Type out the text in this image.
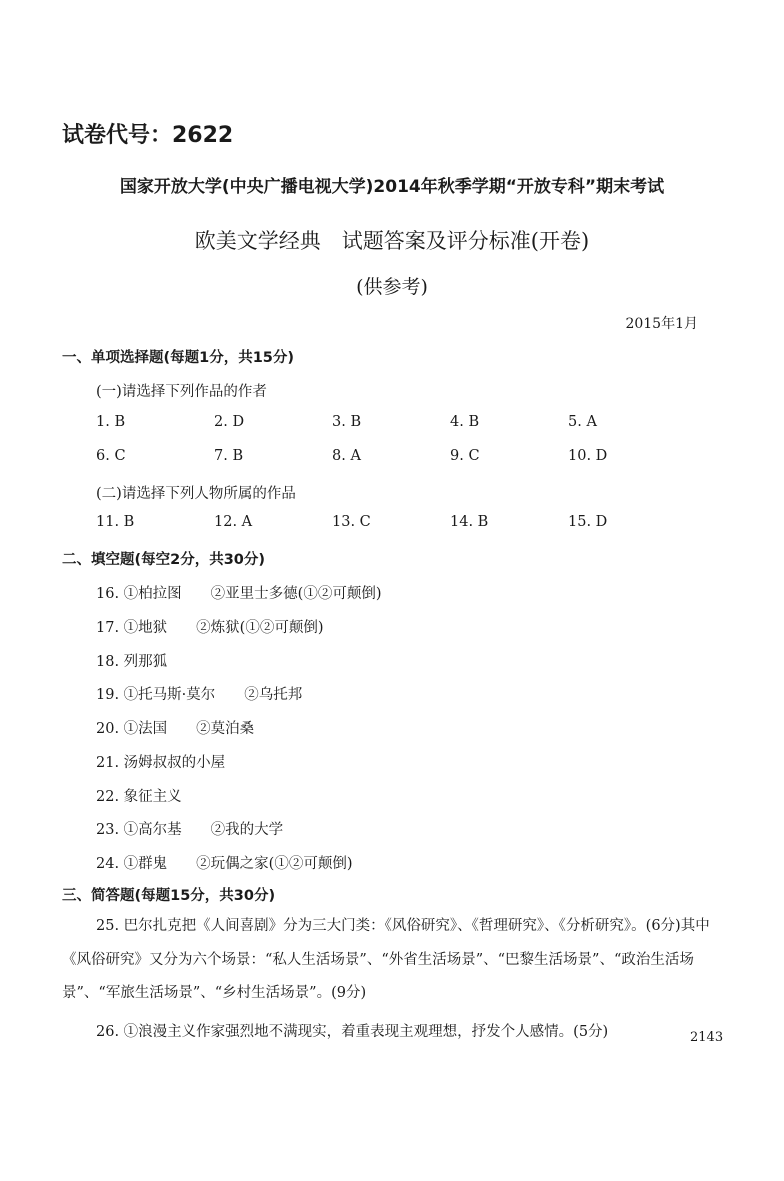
试卷代号：2622
国家开放大学(中央广播电视大学)2014年秋季学期“开放专科”期末考试
欧美文学经典　试题答案及评分标准(开卷)
(供参考)
2015年1月
一、单项选择题(每题1分，共15分)
(一)请选择下列作品的作者
1. B	2. D	3. B	4. B	5. A
6. C	7. B	8. A	9. C	10. D
(二)请选择下列人物所属的作品
11. B	12. A	13. C	14. B	15. D
二、填空题(每空2分，共30分)
16. ①柏拉图　　②亚里士多德(①②可颠倒)
17. ①地狱　　②炼狱(①②可颠倒)
18. 列那狐
19. ①托马斯·莫尔　　②乌托邦
20. ①法国　　②莫泊桑
21. 汤姆叔叔的小屋
22. 象征主义
23. ①高尔基　　②我的大学
24. ①群鬼　　②玩偶之家(①②可颠倒)
三、简答题(每题15分，共30分)
25. 巴尔扎克把《人间喜剧》分为三大门类：《风俗研究》、《哲理研究》、《分析研究》。(6分)其中《风俗研究》又分为六个场景：“私人生活场景”、“外省生活场景”、“巴黎生活场景”、“政治生活场景”、“军旅生活场景”、“乡村生活场景”。(9分)
26. ①浪漫主义作家强烈地不满现实，着重表现主观理想，抒发个人感情。(5分)	2143
